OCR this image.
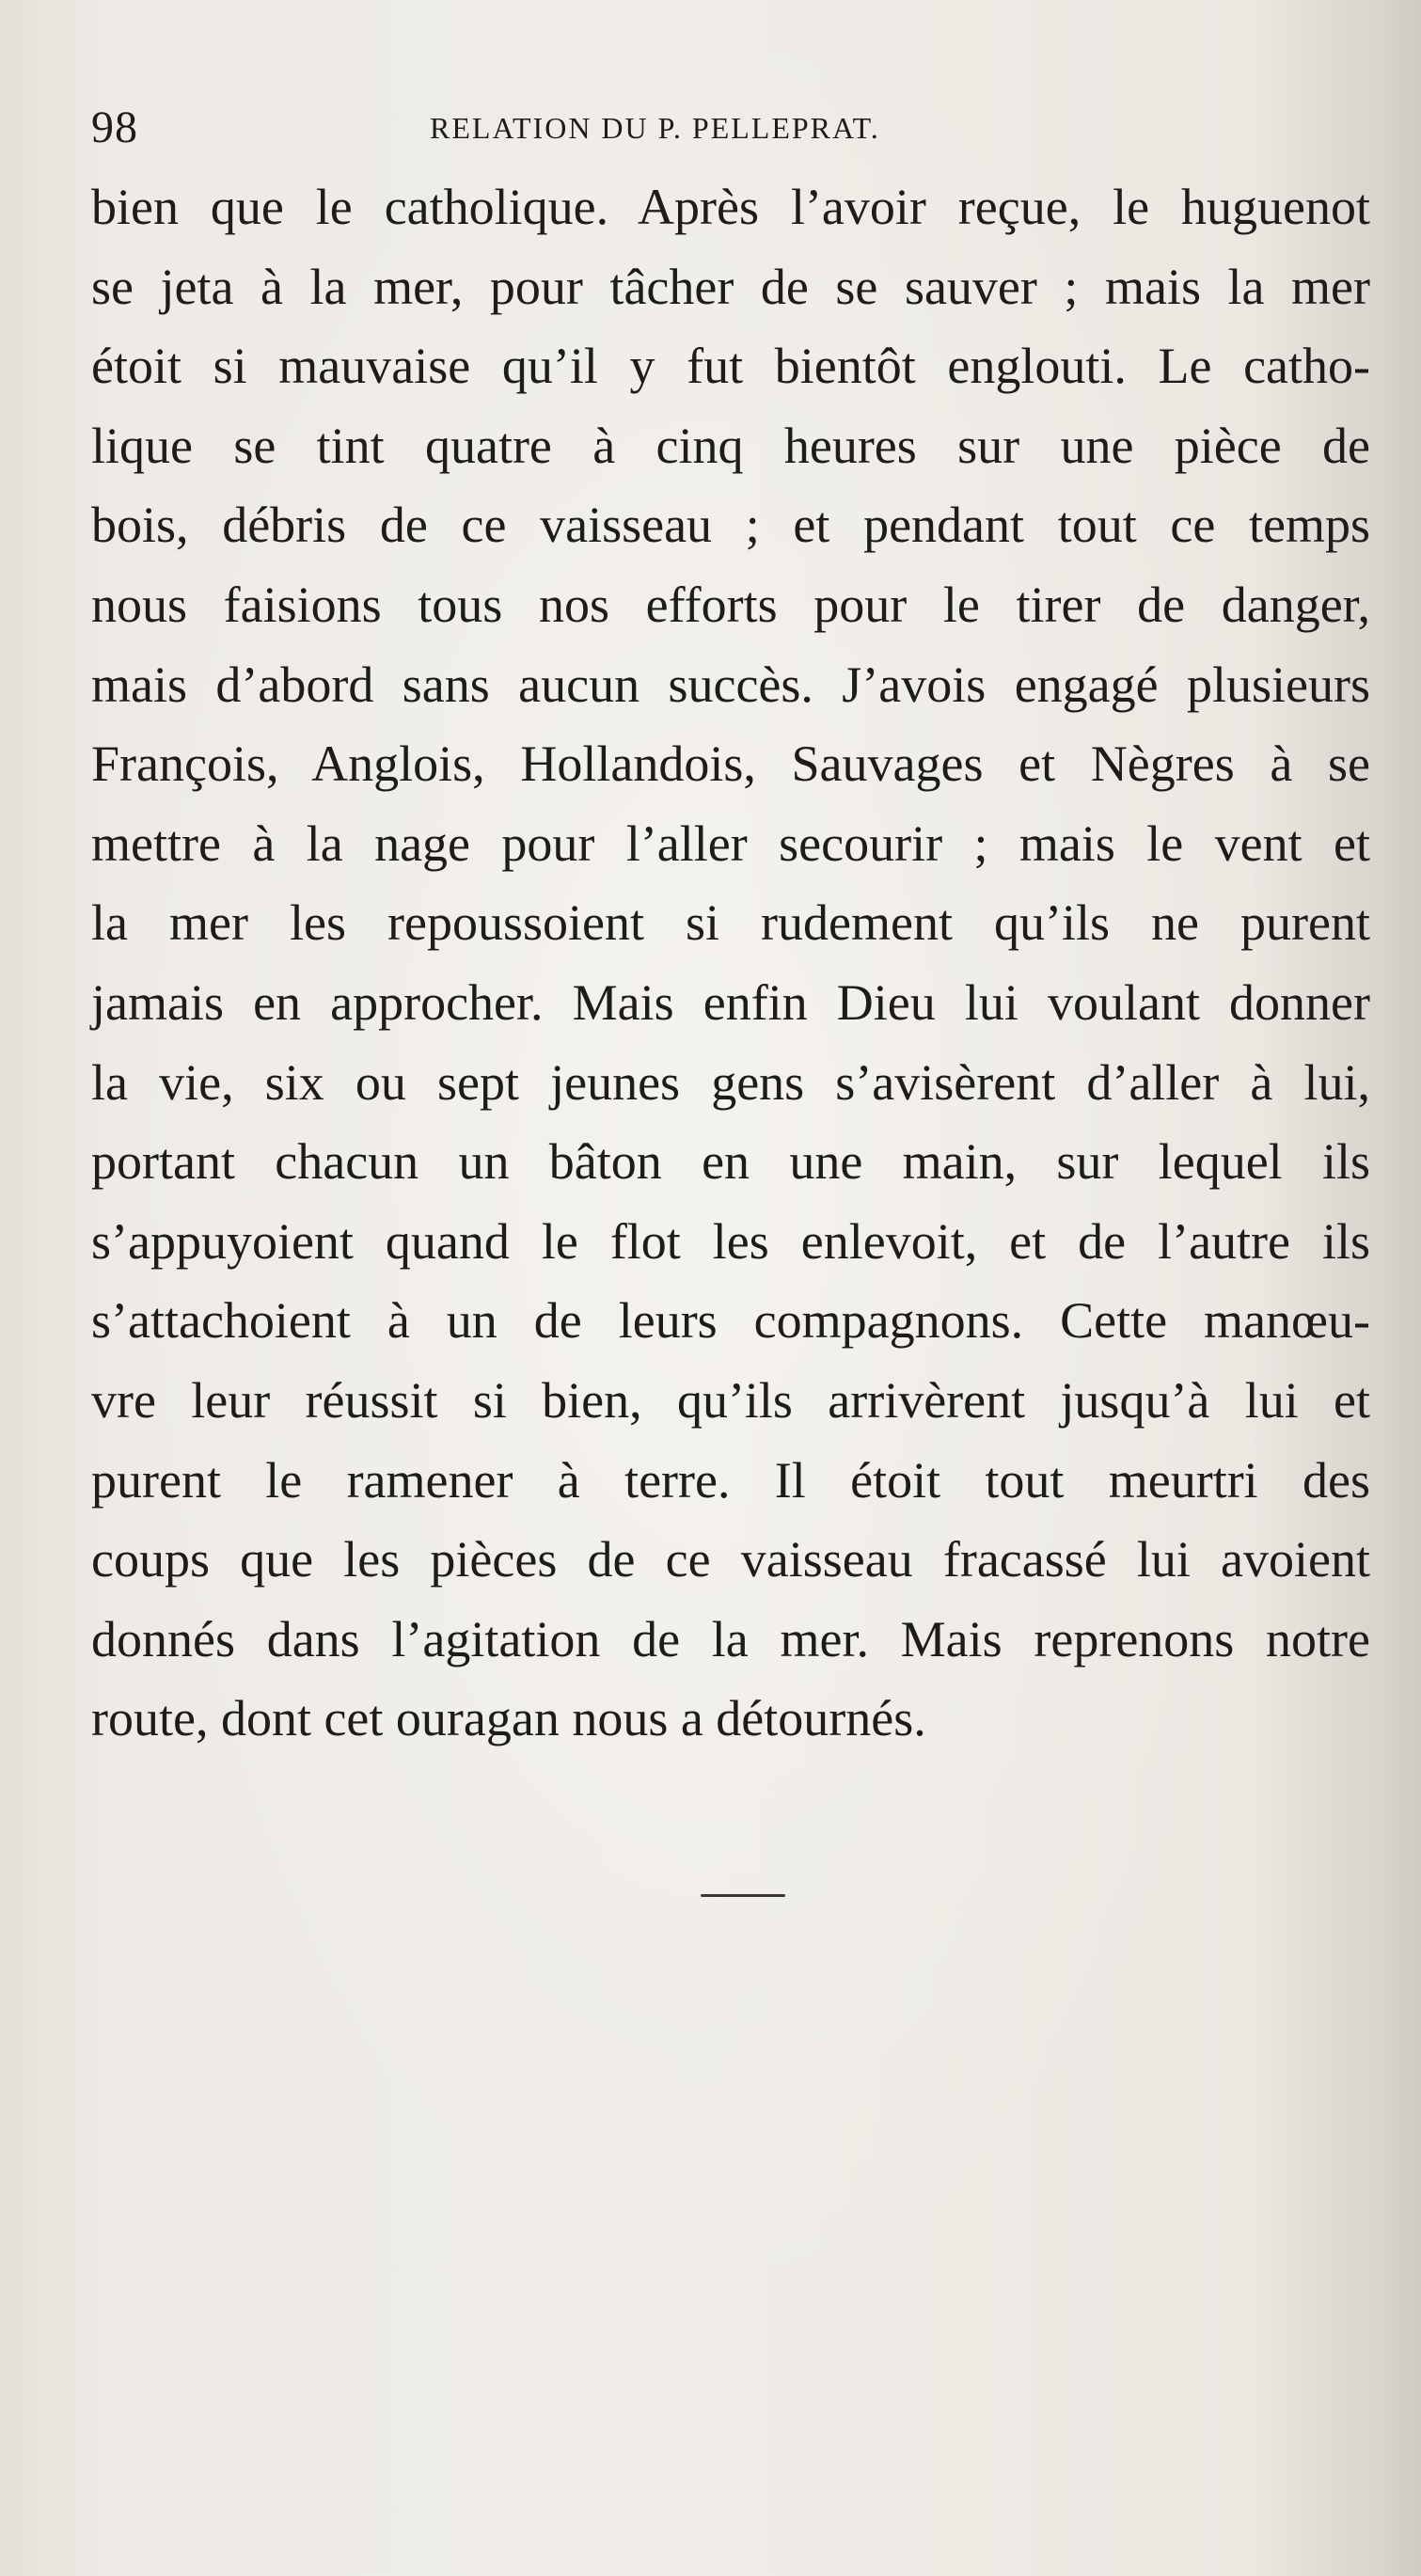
98	RELATION DU P. PELLEPRAT.
bien que le catholique. Après l’avoir reçue, le huguenot
se jeta à la mer, pour tâcher de se sauver ; mais la mer
étoit si mauvaise qu’il y fut bientôt englouti. Le catho-
lique se tint quatre à cinq heures sur une pièce de
bois, débris de ce vaisseau ; et pendant tout ce temps
nous faisions tous nos efforts pour le tirer de danger,
mais d’abord sans aucun succès. J’avois engagé plusieurs
François, Anglois, Hollandois, Sauvages et Nègres à se
mettre à la nage pour l’aller secourir ; mais le vent et
la mer les repoussoient si rudement qu’ils ne purent
jamais en approcher. Mais enfin Dieu lui voulant donner
la vie, six ou sept jeunes gens s’avisèrent d’aller à lui,
portant chacun un bâton en une main, sur lequel ils
s’appuyoient quand le flot les enlevoit, et de l’autre ils
s’attachoient à un de leurs compagnons. Cette manœu-
vre leur réussit si bien, qu’ils arrivèrent jusqu’à lui et
purent le ramener à terre. Il étoit tout meurtri des
coups que les pièces de ce vaisseau fracassé lui avoient
donnés dans l’agitation de la mer. Mais reprenons notre
route, dont cet ouragan nous a détournés.
